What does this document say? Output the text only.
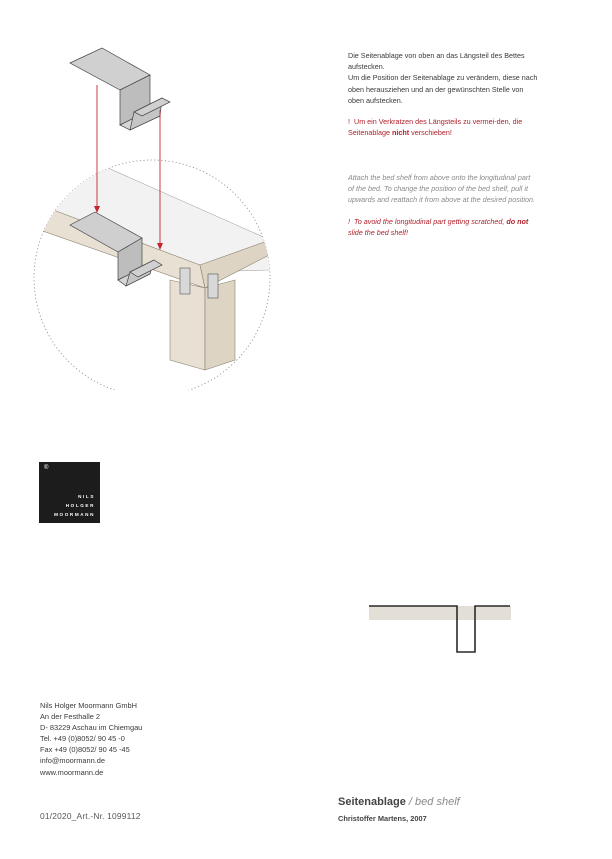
Die Seitenablage von oben an das Längsteil des Bettes aufstecken.

Um die Position der Seitenablage zu verändern, diese nach oben herausziehen und an der gewünschten Stelle von oben aufstecken.

! Um ein Verkratzen des Längsteils zu vermei-den, die Seitenablage nicht verschieben!

Attach the bed shelf from above onto the longitudinal part of the bed. To change the position of the bed shelf, pull it upwards and reattach it from above at the desired position.

! To avoid the longitudinal part getting scratched, do not slide the bed shelf!

®
NILS
HOLGER
MOORMANN
Nils Holger Moormann GmbH
An der Festhalle 2
D- 83229 Aschau im Chiemgau
Tel. +49 (0)8052/ 90 45 -0
Fax +49 (0)8052/ 90 45 -45
info@moormann.de
www.moormann.de
01/2020_Art.-Nr. 1099112
Seitenablage / bed shelf
Christoffer Martens, 2007
